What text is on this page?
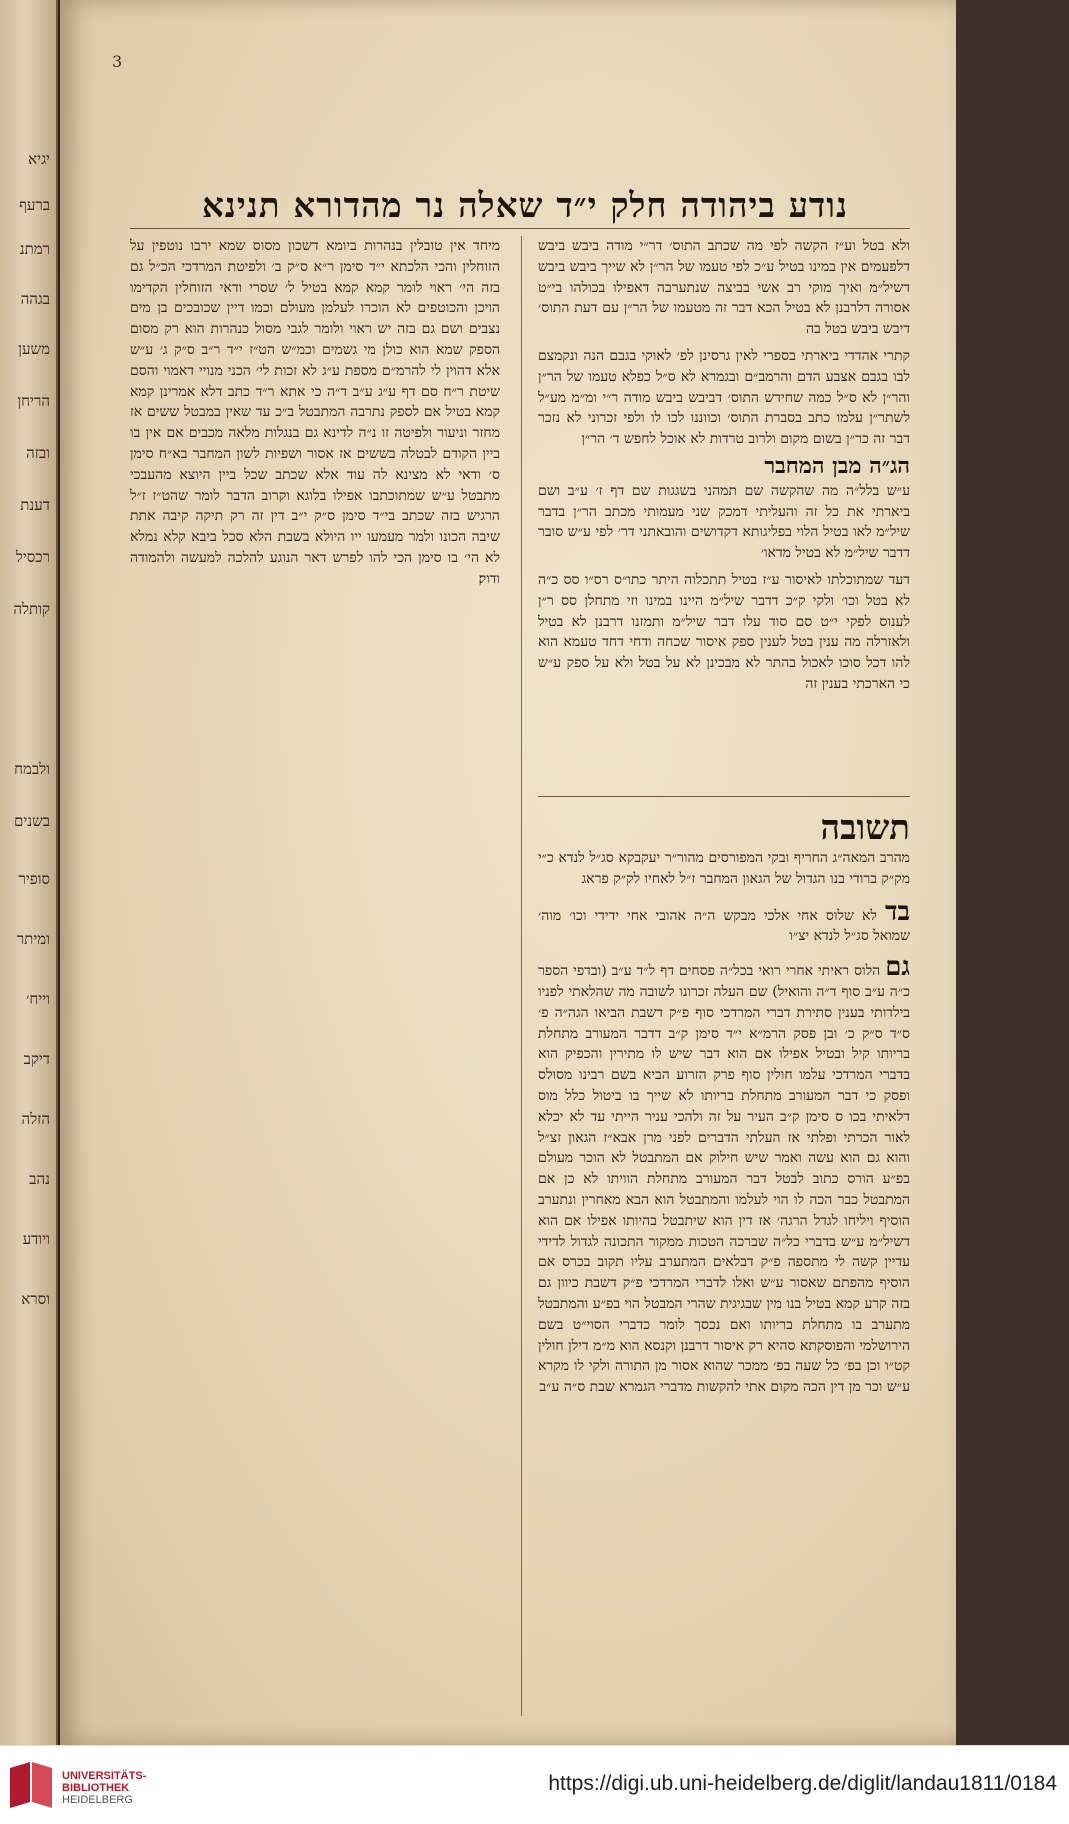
יגיא
ברעף
רמתנ
בגהה
משען
הריחן
ובזה
דענת
רכסיל
קותלה
ולבמח
בשנים
סופיר
ומיתר
וייח׳
דיקב
הזלה
נהב
ויודע
וסרא
3
נודע ביהודה חלק י״ד שאלה נר מהדורא תנינא

ולא בטל וע״ז הקשה לפי מה שכתב התוס׳ דר״י מודה ביבש ביבש דלפעמים אין במינו בטיל ע״כ לפי טעמו של הר״ן לא שייך ביבש ביבש דשיל״מ ואיך מוקי רב אשי בביצה שנתערבה דאפילו בכולהו בי״ט אסורה דלרבנן לא בטיל הכא דבר זה מטעמו של הר״ן עם דעת התוס׳ דיבש ביבש בטל בה

קתרי אהדדי ביארתי בספרי לאין גרסינן לפ׳ לאוקי בגבם הנה ונקמצם לבו בגבם אצבע הדם והרמב״ם ובגמרא לא ס״ל כפלא טעמו של הר״ן והר״ן לא ס״ל כמה שחידש התוס׳ דביבש ביבש מודה ר״י ומ״מ מע״ל לשתר״ן עלמו כתב בסברת התוס׳ וכווננו לכו לו ולפי זכרוני לא נזכר דבר זה כר״ן בשום מקום ולרוב טרדות לא אוכל לחפש ד׳ הר״ן

הג״ה מבן המחבר

ע״ש בלל״ה מה שהקשה שם תמהני בשגגות שם דף ז׳ ע״ב ושם ביארתי את כל זה והעליתי דמכק שני מעמותי מכתב הר״ן בדבר שיל״מ לאו בטיל הלוי בפליגותא דקדושים והובאתני דר׳ לפי ע״ש סובר דדבר שיל״מ לא בטיל מדאו׳

דעד שמתוכלתו לאיסור ע״ז בטיל תתכלוה היתר כתו״ס רס״ו סס כ״ה לא בטל וכו׳ ולקי ק״כ דדבר שיל״מ היינו במינו וזי מתחלן סס ר״ן לענוס לפקי י״ט סם סוד עלו דבר שיל״מ ותמזנו דרבנן לא בטיל ולאזרלה מה ענין בטל לענין ספק איסור שכחה ודחי דחד טעמא הוא להו דכל סוכו לאכול בהתר לא מבכינן לא על בטל ולא על ספק ע״ש כי הארכתי בענין זה

תשובה
מהרב המאה״ג החריף ובקי המפורסים מהור״ר יעקבקא סג״ל לנדא כ״י מק״ק ברודי בנו הגדול של הגאון המחבר ז״ל לאחיו לק״ק פראג
בד לא שלוס אחי אלכי מבקש ה״ה אהובי אחי ידידי וכו׳ מוה׳ שמואל סג״ל לנדא יצ״ו
גם הלוס ראיתי אחרי רואי בכל״ה פסחים דף ל״ד ע״ב (ובדפי הספר כ״ה ע״ב סוף ד״ה והואיל) שם העלה זכרונו לשובה מה שהלאתי לפניו בילדותי בענין סתירת דברי המרדכי סוף פ״ק דשבת הביאו הגה״ה פ׳ ס״ד ס״ק כ׳ ובן פסק הרמ״א י״ד סימן ק״ב דדבר המעורב מתחלת בריותו קיל ובטיל אפילו אם הוא דבר שיש לו מתירין והכפיק הוא בדברי המרדכי עלמו חולין סוף פרק הזרוע הביא בשם רבינו מסולס ופסק כי דבר המעורב מתחלת בריותו לא שייך בו ביטול כלל מוס דלאיתי בכו ס סימן ק״ב העיר על זה ולהכי עניר הייתי עד לא יכלא לאור הכרתי ופלתי אז העלתי הדברים לפני מרן אבא״ז הגאון זצ״ל והוא גם הוא עשה ואמר שיש חילוק אם המתבטל לא הוכר מעולם בפ״ע הורס כתוב לבטל דבר המעורב מתחלת הוויתו לא כן אם המתבטל כבר הכה לו הוי לעלמו והמתבטל הוא הבא מאחרין ונתערב הוסיף ויליחו לגדל הרגה׳ אז דין הוא שיתבטל בהיותו אפילו אם הוא דשיל״מ ע״ש בדברי כל״ה שברכה הטכות ממקור התכונה לגדול לדידי עדיין קשה לי מתספה פ״ק דבלאים המתערב עליו תקוב בכרס אם הוסיף מהפתם שאסור ע״ש ואלו לדברי המרדכי פ״ק דשבת כיוון גם בזה קרע קמא בטיל בנו מין שבגיגית שהרי המבטל הוי בפ״ע והמתבטל מתערב בו מתחלת בריותו ואם נכסך לומר כדברי הסוי״ט בשם הירושלמי והפוסקתא סהיא רק איסור דרבנן וקנסא הוא מ״מ דילן חולין קט״ו וכן בפ׳ כל שעה בפ׳ ממכר שהוא אסור מן התורה ולקי לו מקרא ע״ש וכר מן דין הכה מקום אתי להקשות מדברי הגמרא שבת ס״ה ע״ב

מיחד אין טובלין בנהרות ביומא דשכון מסוס שמא ירבו נוטפין על הזוחלין והכי הלכתא י״ד סימן ר״א ס״ק ב׳ ולפיטת המרדכי הכ״ל גם בזה הי׳ ראוי לומר קמא קמא בטיל ל׳ שסרי ודאי הזוחלין הקדימו הויכן והכוטפים לא הוכרו לעלמן מעולם וכמו דיין שכובכים בן מים נצבים ושם גם בזה יש ראוי ולומר לגבי מסול כנהרות הוא רק מסום הספק שמא הוא כולן מי גשמים וכמ״ש הט״ז י״ד ר״ב ס״ק ג׳ ע״ש אלא דהוין לי להרמ״ם מספת ע״ג לא זכות לי׳ הכני מנויי דאמוי והסם שיטת ר״ח סם דף ע״ג ע״ב ד״ה כי אתא ר״ד כתב דלא אמרינן קמא קמא בטיל אם לספק נתרבה המתבטל ב״כ עד שאין במבטל ששים אז מחזר וניעור ולפיטה זו נ״ה לדינא גם בנגלות מלאה מכבים אם אין בו ביין הקודם לבטלה בששים אז אסור ושפיות לשון המחבר בא״ח סימן ס׳ ודאי לא מצינא לה עוד אלא שכתב שכל ביין היוצא מהעבכי מתבטל ע״ש שמתוכתבו אפילו בלוגא וקרוב הדבר לומר שהט״ז ז״ל הרגיש בזה שכתב בי״ד סימן ס״ק י״ב דין זה רק תיקה קיבה אתת שיבה הכונו ולמר מעמעו ייו היולא בשבת הלא סכל ביבא קלא נמלא לא הי׳ בו סימן הכי להו לפרש דאר הנוגע להלכה למעשה ולהמודה ודוק׃

UNIVERSITÄTS-
BIBLIOTHEK
HEIDELBERG
https://digi.ub.uni-heidelberg.de/diglit/landau1811/0184
